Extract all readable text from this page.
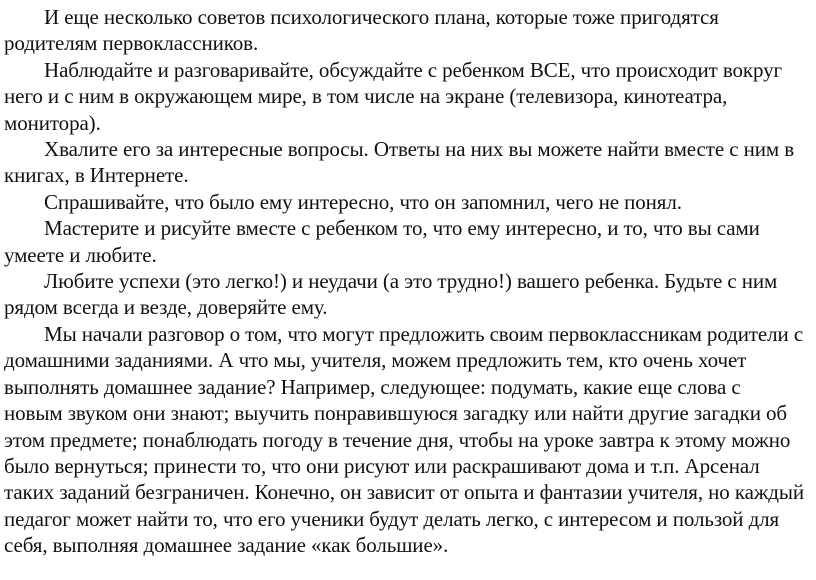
И еще несколько советов психологического плана, которые тоже пригодятся родителям первоклассников.

Наблюдайте и разговаривайте, обсуждайте с ребенком ВСЕ, что происходит вокруг него и с ним в окружающем мире, в том числе на экране (телевизора, кинотеатра, монитора).

Хвалите его за интересные вопросы. Ответы на них вы можете найти вместе с ним в книгах, в Интернете.

Спрашивайте, что было ему интересно, что он запомнил, чего не понял.

Мастерите и рисуйте вместе с ребенком то, что ему интересно, и то, что вы сами умеете и любите.

Любите успехи (это легко!) и неудачи (а это трудно!) вашего ребенка. Будьте с ним рядом всегда и везде, доверяйте ему.

Мы начали разговор о том, что могут предложить своим первоклассникам родители с домашними заданиями. А что мы, учителя, можем предложить тем, кто очень хочет выполнять домашнее задание? Например, следующее: подумать, какие еще слова с новым звуком они знают; выучить понравившуюся загадку или найти другие загадки об этом предмете; понаблюдать погоду в течение дня, чтобы на уроке завтра к этому можно было вернуться; принести то, что они рисуют или раскрашивают дома и т.п. Арсенал таких заданий безграничен. Конечно, он зависит от опыта и фантазии учителя, но каждый педагог может найти то, что его ученики будут делать легко, с интересом и пользой для себя, выполняя домашнее задание «как большие».
